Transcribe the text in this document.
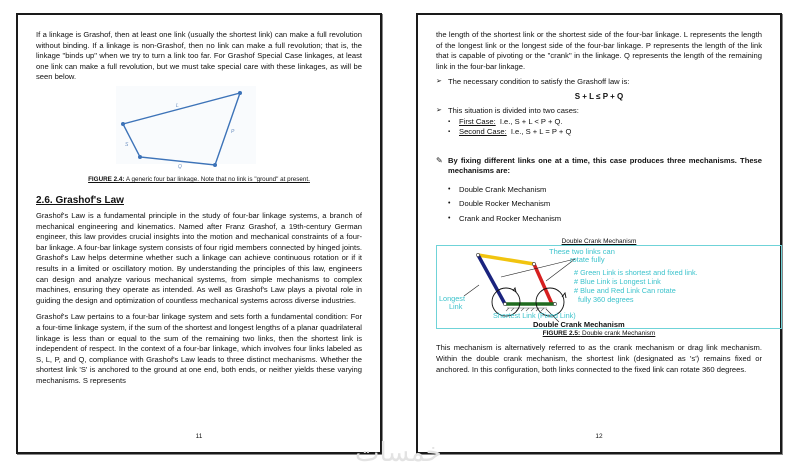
If a linkage is Grashof, then at least one link (usually the shortest link) can make a full revolution without binding. If a linkage is non-Grashof, then no link can make a full revolution; that is, the linkage "binds up" when we try to turn a link too far. For Grashof Special Case linkages, at least one link can make a full revolution, but we must take special care with these linkages, as will be seen below.

L
P
S
Q
FIGURE 2.4: A generic four bar linkage. Note that no link is "ground" at present.
2.6. Grashof's Law

Grashof's Law is a fundamental principle in the study of four-bar linkage systems, a branch of mechanical engineering and kinematics. Named after Franz Grashof, a 19th-century German engineer, this law provides crucial insights into the motion and mechanical constraints of a four-bar linkage. A four-bar linkage system consists of four rigid members connected by hinged joints. Grashof's Law helps determine whether such a linkage can achieve continuous rotation or if it results in a limited or oscillatory motion. By understanding the principles of this law, engineers can design and analyze various mechanical systems, from simple mechanisms to complex machines, ensuring they operate as intended. As well as Grashof's Law plays a pivotal role in guiding the design and optimization of countless mechanical systems across diverse industries.

Grashof's Law pertains to a four-bar linkage system and sets forth a fundamental condition: For a four-time linkage system, if the sum of the shortest and longest lengths of a planar quadrilateral linkage is less than or equal to the sum of the remaining two links, then the shortest link is independent of respect. In the context of a four-bar linkage, which involves four links labeled as S, L, P, and Q, compliance with Grashof's Law leads to three distinct mechanisms. Whether the shortest link 'S' is anchored to the ground at one end, both ends, or neither yields these varying mechanisms. S represents

11

the length of the shortest link or the shortest side of the four-bar linkage. L represents the length of the longest link or the longest side of the four-bar linkage. P represents the length of the link that is capable of pivoting or the "crank" in the linkage. Q represents the length of the remaining link in the four-bar linkage.

➢ The necessary condition to satisfy the Grashoff law is:
S + L ≤ P + Q
➢ This situation is divided into two cases:
▪	First Case: I.e., S + L < P + Q.
▪	Second Case: I.e., S + L = P + Q
✎ By fixing different links one at a time, this case produces three mechanisms. These mechanisms are:
•	Double Crank Mechanism
•	Double Rocker Mechanism
•	Crank and Rocker Mechanism
Double Crank Mechanism
These two links can
rotate fully
# Green Link is shortest and fixed link.
# Blue Link is Longest Link
# Blue and Red Link Can rotate
fully 360 degrees
Longest
Link
Shortest Link (Fixed Link)
Double Crank Mechanism
FIGURE 2.5: Double crank Mechanism

This mechanism is alternatively referred to as the crank mechanism or drag link mechanism. Within the double crank mechanism, the shortest link (designated as 's') remains fixed or anchored. In this configuration, both links connected to the fixed link can rotate 360 degrees.

12
خمسات
